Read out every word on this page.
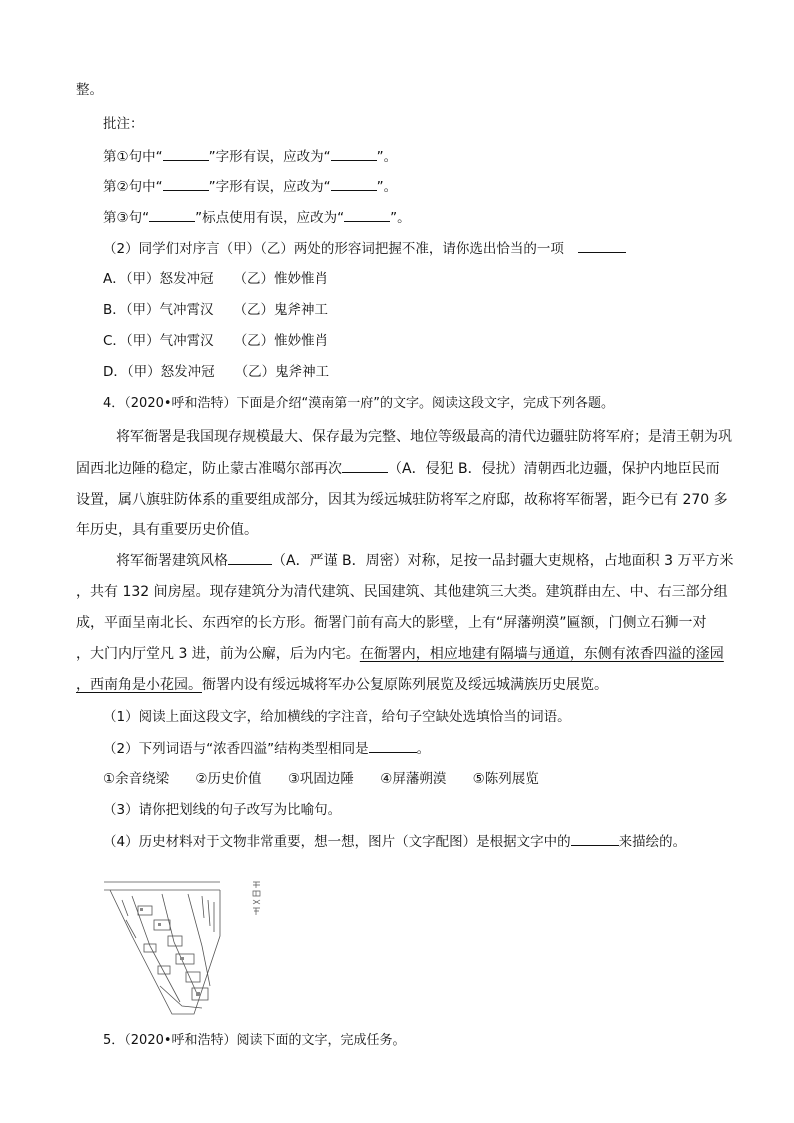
整。
批注：
第①句中“	”字形有误，应改为“	”。
第②句中“	”字形有误，应改为“	”。
第③句“	”标点使用有误，应改为“	”。
（2）同学们对序言（甲）（乙）两处的形容词把握不准，请你选出恰当的一项
A．（甲）怒发冲冠 （乙）惟妙惟肖
B．（甲）气冲霄汉 （乙）鬼斧神工
C．（甲）气冲霄汉 （乙）惟妙惟肖
D．（甲）怒发冲冠 （乙）鬼斧神工
4．（2020•呼和浩特）下面是介绍“漠南第一府”的文字。阅读这段文字，完成下列各题。
将军衙署是我国现存规模最大、保存最为完整、地位等级最高的清代边疆驻防将军府；是清王朝为巩
固西北边陲的稳定，防止蒙古准噶尔部再次	（A．侵犯 B．侵扰）清朝西北边疆，保护内地臣民而
设置，属八旗驻防体系的重要组成部分，因其为绥远城驻防将军之府邸，故称将军衙署，距今已有 270 多
年历史，具有重要历史价值。
将军衙署建筑风格	（A．严谨 B．周密）对称，足按一品封疆大吏规格，占地面积 3 万平方米
，共有 132 间房屋。现存建筑分为清代建筑、民国建筑、其他建筑三大类。建筑群由左、中、右三部分组
成，平面呈南北长、东西窄的长方形。衙署门前有高大的影壁，上有“屏藩朔漠”匾额，门侧立石狮一对
，大门内厅堂凡 3 进，前为公廨，后为内宅。在衙署内，相应地建有隔墙与通道，东侧有浓香四溢的滏园
，西南角是小花园。衙署内设有绥远城将军办公复原陈列展览及绥远城满族历史展览。
（1）阅读上面这段文字，给加横线的字注音，给句子空缺处选填恰当的词语。
（2）下列词语与“浓香四溢”结构类型相同是	。
①余音绕梁 ②历史价值 ③巩固边陲 ④屏藩朔漠 ⑤陈列展览
（3）请你把划线的句子改写为比喻句。
（4）历史材料对于文物非常重要，想一想，图片（文字配图）是根据文字中的	来描绘的。
5．（2020•呼和浩特）阅读下面的文字，完成任务。
